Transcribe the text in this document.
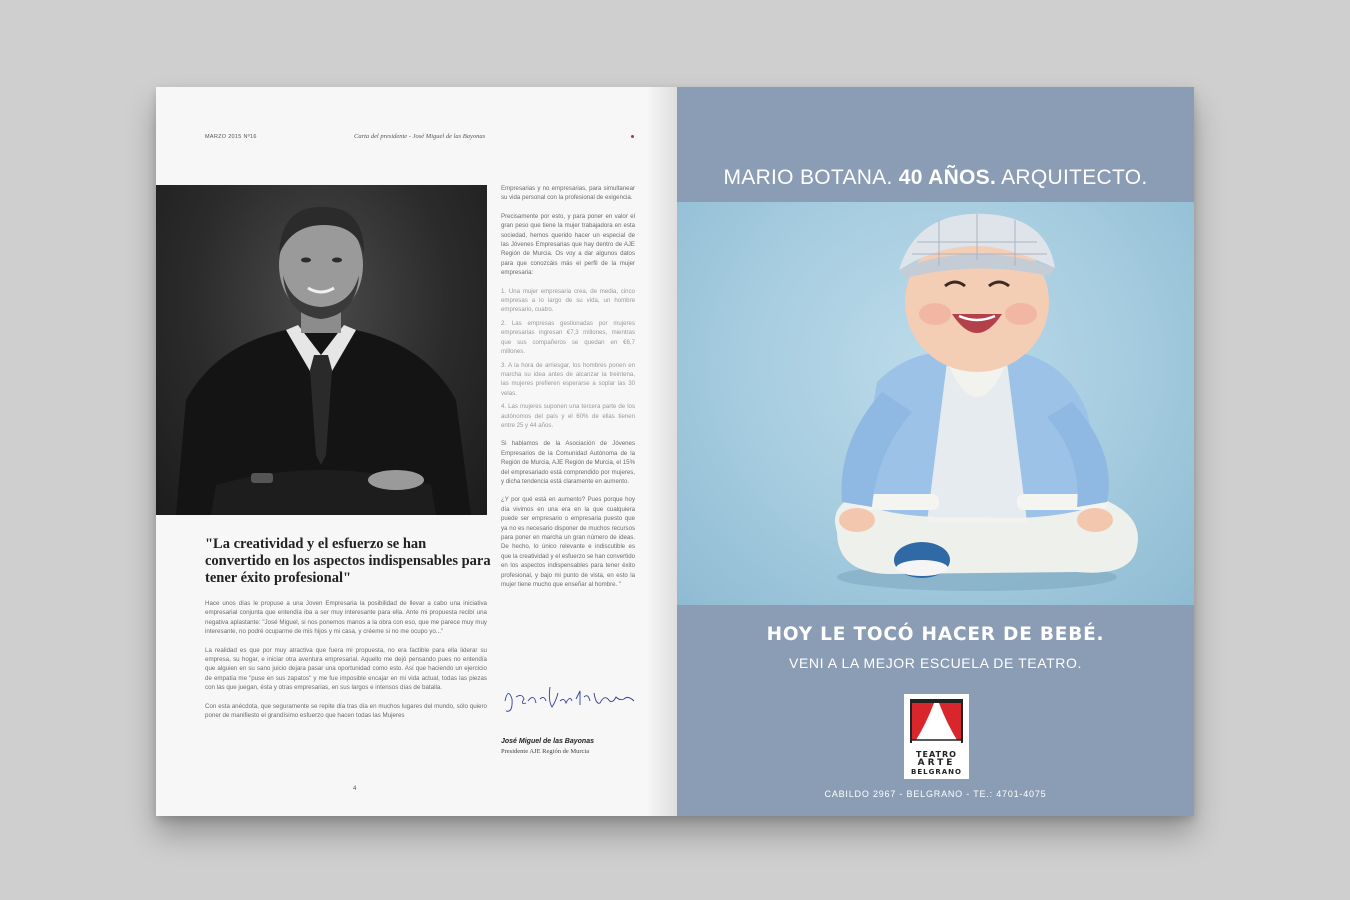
MARZO 2015 Nº16	Carta del presidente - José Miguel de las Bayonas
"La creatividad y el esfuerzo se han convertido en los aspectos indispensables para tener éxito profesional"

Hace unos días le propuse a una Joven Empresaria la posibilidad de llevar a cabo una iniciativa empresarial conjunta que entendía iba a ser muy interesante para ella. Ante mi propuesta recibí una negativa aplastante: "José Miguel, si nos ponemos manos a la obra con eso, que me parece muy muy interesante, no podré ocuparme de mis hijos y mi casa, y créeme si no me ocupo yo..."

La realidad es que por muy atractiva que fuera mi propuesta, no era factible para ella liderar su empresa, su hogar, e iniciar otra aventura empresarial. Aquello me dejó pensando pues no entendía que alguien en su sano juicio dejara pasar una oportunidad como esto. Así que haciendo un ejercicio de empatía me "puse en sus zapatos" y me fue imposible encajar en mi vida actual, todas las piezas con las que juegan, ésta y otras empresarias, en sus largos e intensos días de batalla.

Con esta anécdota, que seguramente se repite día tras día en muchos lugares del mundo, sólo quiero poner de manifiesto el grandísimo esfuerzo que hacen todas las Mujeres

4

Empresarias y no empresarias, para simultanear su vida personal con la profesional de exigencia.

Precisamente por esto, y para poner en valor el gran peso que tiene la mujer trabajadora en esta sociedad, hemos querido hacer un especial de las Jóvenes Empresarias que hay dentro de AJE Región de Murcia. Os voy a dar algunos datos para que conozcáis más el perfil de la mujer empresaria:

1. Una mujer empresaria crea, de media, cinco empresas a lo largo de su vida, un hombre empresario, cuatro.

2. Las empresas gestionadas por mujeres empresarias ingresan €7,3 millones, mientras que sus compañeros se quedan en €6,7 millones.

3. A la hora de arriesgar, los hombres ponen en marcha su idea antes de alcanzar la treintena, las mujeres prefieren esperarse a soplar las 30 velas.

4. Las mujeres suponen una tercera parte de los autónomos del país y el 60% de ellas tienen entre 25 y 44 años.

Si hablamos de la Asociación de Jóvenes Empresarios de la Comunidad Autónoma de la Región de Murcia, AJE Región de Murcia, el 15% del empresariado está comprendido por mujeres, y dicha tendencia está claramente en aumento.

¿Y por qué está en aumento? Pues porque hoy día vivimos en una era en la que cualquiera puede ser empresario o empresaria puesto que ya no es necesario disponer de muchos recursos para poner en marcha un gran número de ideas. De hecho, lo único relevante e indiscutible es que la creatividad y el esfuerzo se han convertido en los aspectos indispensables para tener éxito profesional, y bajo mi punto de vista, en esto la mujer tiene mucho que enseñar al hombre. "

José Miguel de las Bayonas
Presidente AJE Región de Murcia
MARIO BOTANA. 40 AÑOS. ARQUITECTO.
HOY LE TOCÓ HACER DE BEBÉ.
VENI A LA MEJOR ESCUELA DE TEATRO.
TEATRO
ARTE
BELGRANO
CABILDO 2967 - BELGRANO - TE.: 4701-4075
